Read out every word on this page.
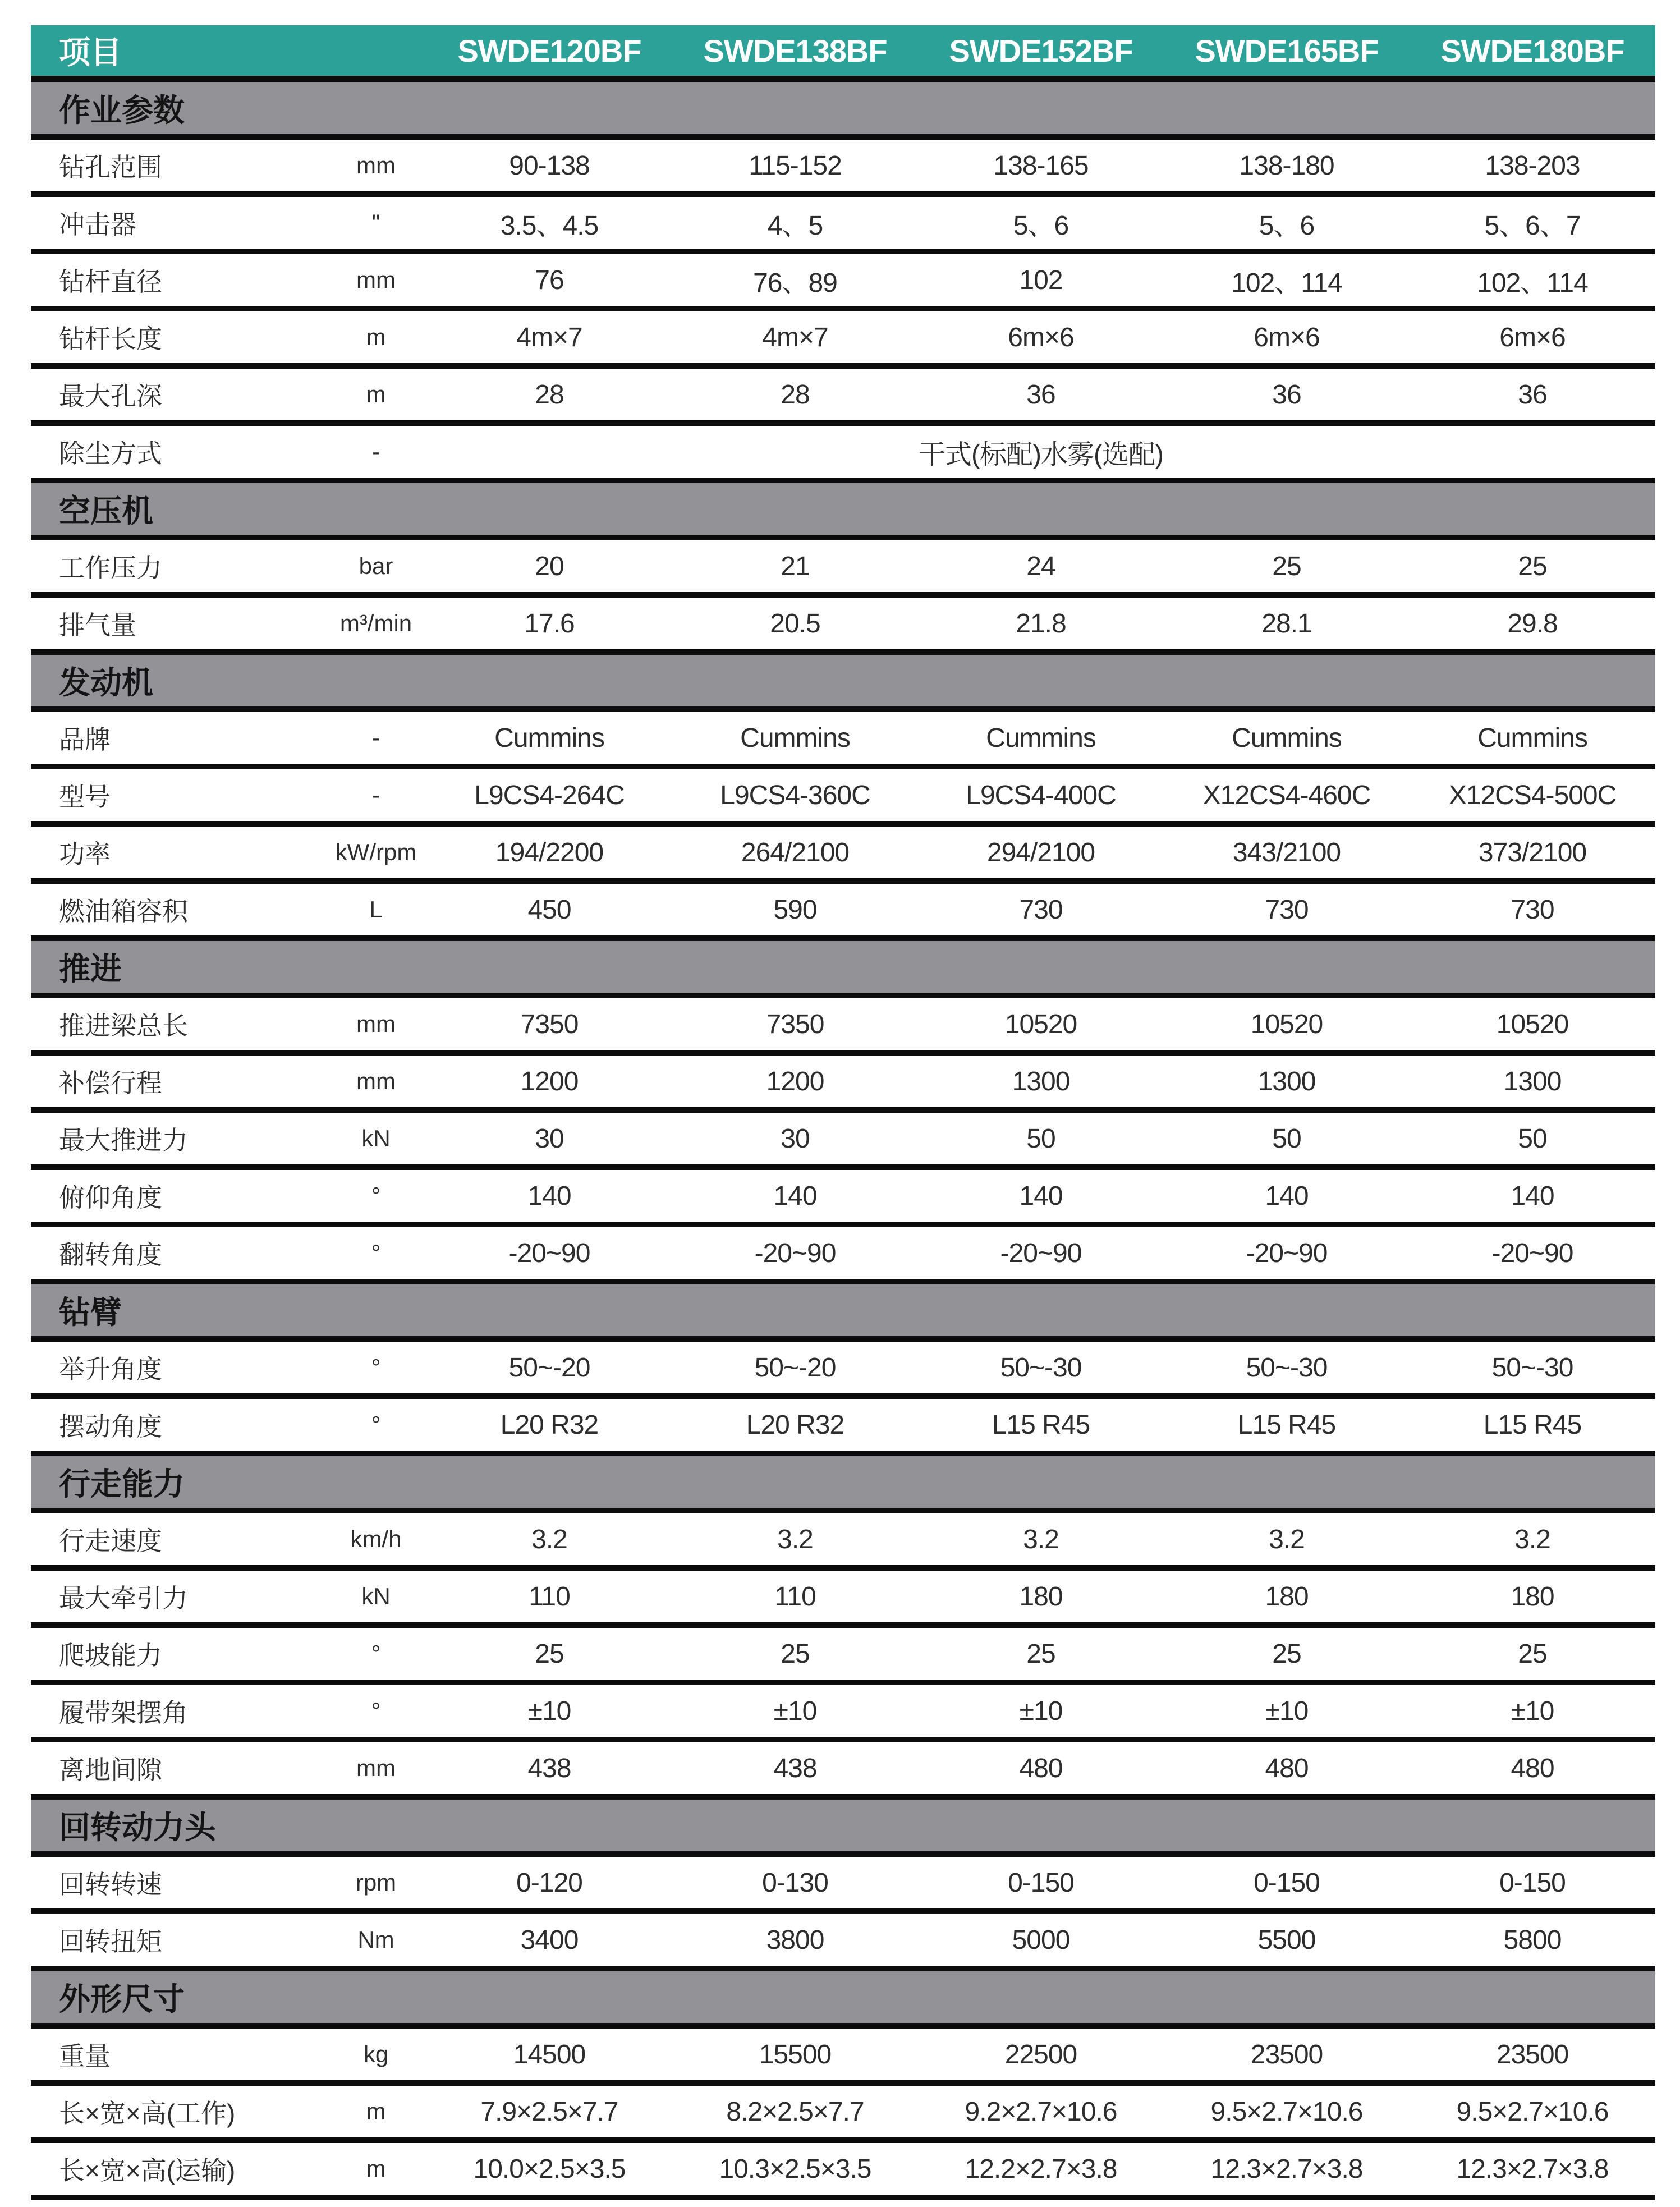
项目	SWDE120BF	SWDE138BF	SWDE152BF	SWDE165BF	SWDE180BF
作业参数
钻孔范围	mm	90-138	115-152	138-165	138-180	138-203
冲击器	"	3.5、4.5	4、5	5、6	5、6	5、6、7
钻杆直径	mm	76	76、89	102	102、114	102、114
钻杆长度	m	4m×7	4m×7	6m×6	6m×6	6m×6
最大孔深	m	28	28	36	36	36
除尘方式	-	干式(标配)水雾(选配)
空压机
工作压力	bar	20	21	24	25	25
排气量	m³/min	17.6	20.5	21.8	28.1	29.8
发动机
品牌	-	Cummins	Cummins	Cummins	Cummins	Cummins
型号	-	L9CS4-264C	L9CS4-360C	L9CS4-400C	X12CS4-460C	X12CS4-500C
功率	kW/rpm	194/2200	264/2100	294/2100	343/2100	373/2100
燃油箱容积	L	450	590	730	730	730
推进
推进梁总长	mm	7350	7350	10520	10520	10520
补偿行程	mm	1200	1200	1300	1300	1300
最大推进力	kN	30	30	50	50	50
俯仰角度	°	140	140	140	140	140
翻转角度	°	-20~90	-20~90	-20~90	-20~90	-20~90
钻臂
举升角度	°	50~-20	50~-20	50~-30	50~-30	50~-30
摆动角度	°	L20 R32	L20 R32	L15 R45	L15 R45	L15 R45
行走能力
行走速度	km/h	3.2	3.2	3.2	3.2	3.2
最大牵引力	kN	110	110	180	180	180
爬坡能力	°	25	25	25	25	25
履带架摆角	°	±10	±10	±10	±10	±10
离地间隙	mm	438	438	480	480	480
回转动力头
回转转速	rpm	0-120	0-130	0-150	0-150	0-150
回转扭矩	Nm	3400	3800	5000	5500	5800
外形尺寸
重量	kg	14500	15500	22500	23500	23500
长×宽×高(工作)	m	7.9×2.5×7.7	8.2×2.5×7.7	9.2×2.7×10.6	9.5×2.7×10.6	9.5×2.7×10.6
长×宽×高(运输)	m	10.0×2.5×3.5	10.3×2.5×3.5	12.2×2.7×3.8	12.3×2.7×3.8	12.3×2.7×3.8
